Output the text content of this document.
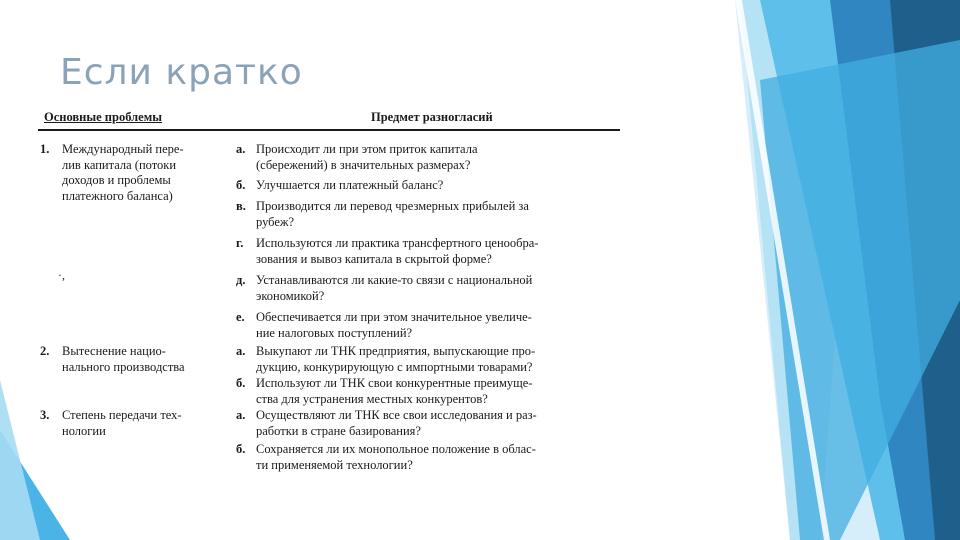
Если кратко
Основные проблемы	Предмет разногласий
1. Международный пере-
лив капитала (потоки
доходов и проблемы
платежного баланса)
2. Вытеснение нацио-
нального производства
3. Степень передачи тех-
нологии
·,
а. Происходит ли при этом приток капитала
(сбережений) в значительных размерах?
б. Улучшается ли платежный баланс?
в. Производится ли перевод чрезмерных прибылей за
рубеж?
г. Используются ли практика трансфертного ценообра-
зования и вывоз капитала в скрытой форме?
д. Устанавливаются ли какие-то связи с национальной
экономикой?
е. Обеспечивается ли при этом значительное увеличе-
ние налоговых поступлений?
а. Выкупают ли ТНК предприятия, выпускающие про-
дукцию, конкурирующую с импортными товарами?
б. Используют ли ТНК свои конкурентные преимуще-
ства для устранения местных конкурентов?
а. Осуществляют ли ТНК все свои исследования и раз-
работки в стране базирования?
б. Сохраняется ли их монопольное положение в облас-
ти применяемой технологии?
